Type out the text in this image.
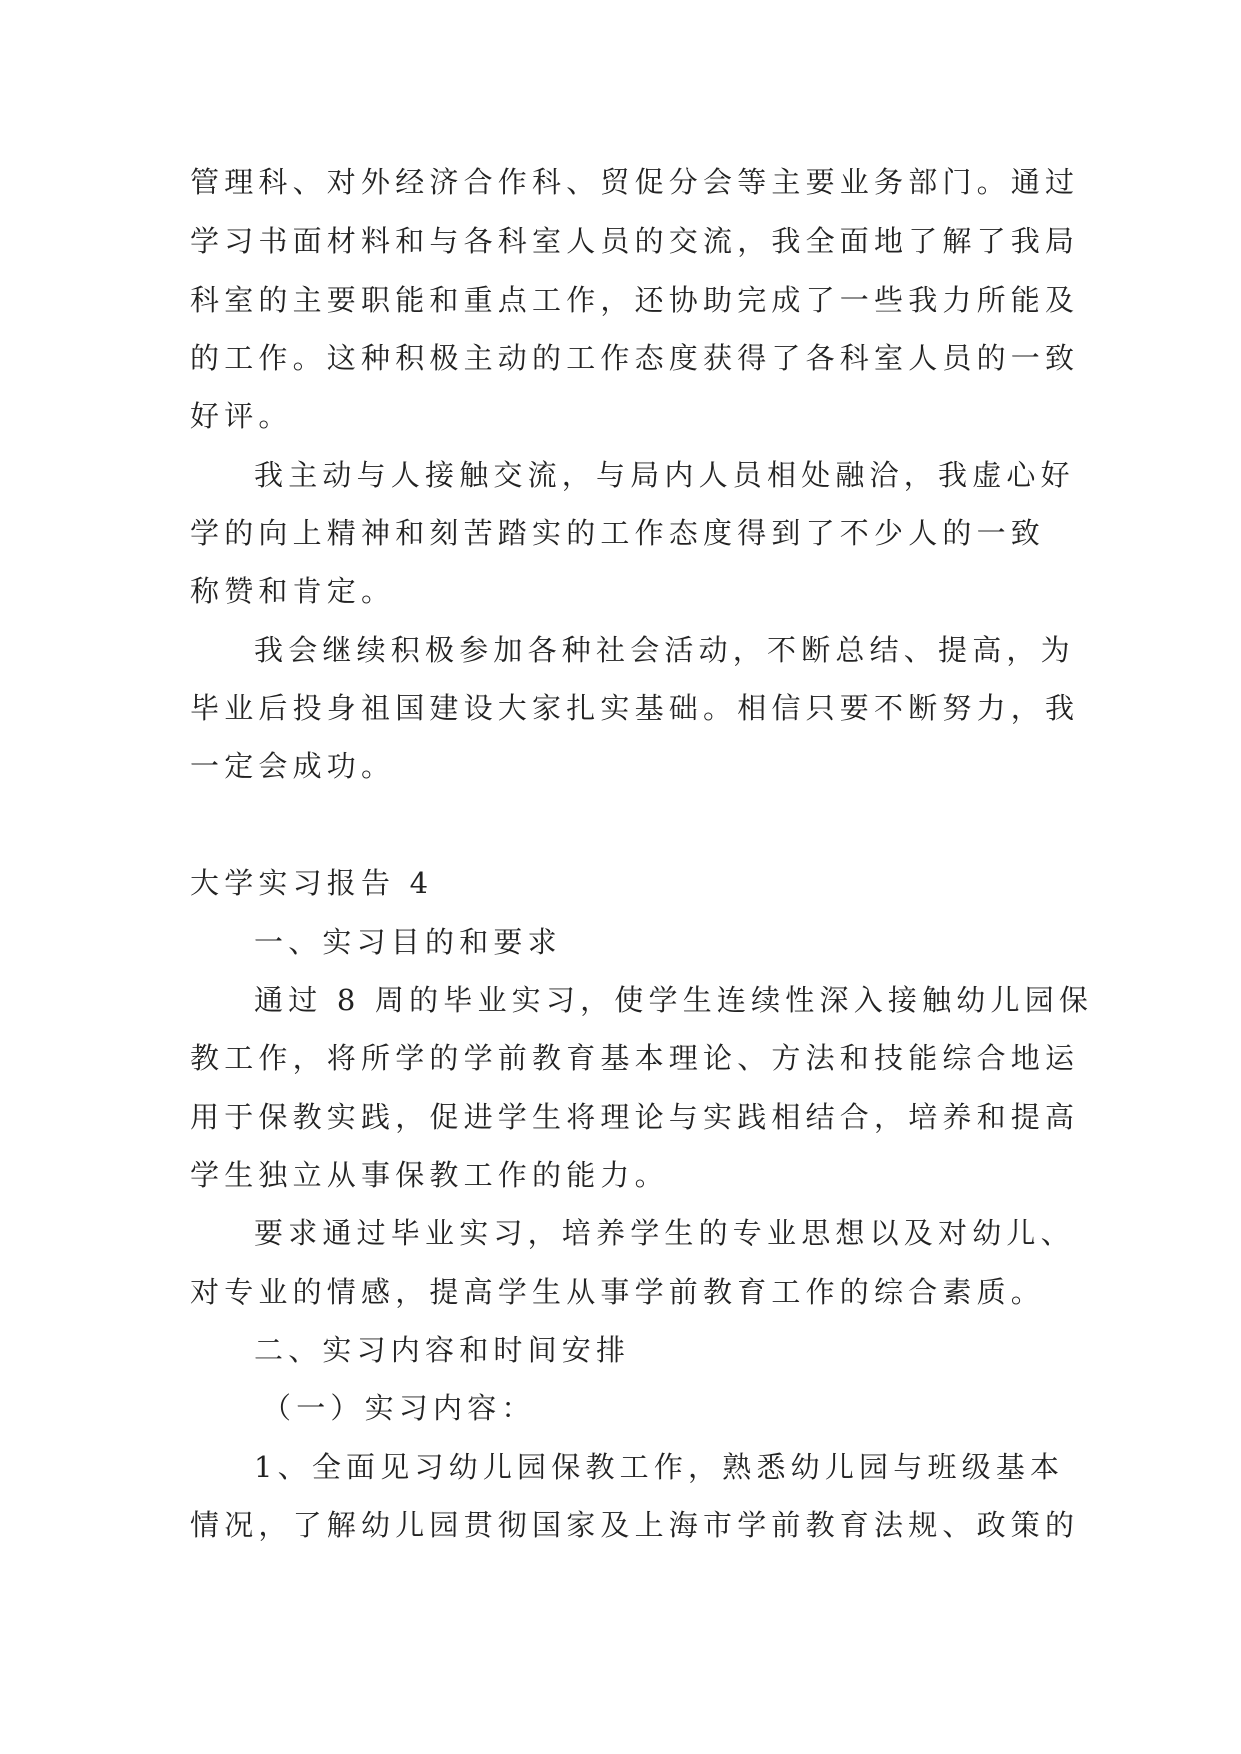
管理科、对外经济合作科、贸促分会等主要业务部门。通过

学习书面材料和与各科室人员的交流，我全面地了解了我局

科室的主要职能和重点工作，还协助完成了一些我力所能及

的工作。这种积极主动的工作态度获得了各科室人员的一致

好评。

我主动与人接触交流，与局内人员相处融洽，我虚心好

学的向上精神和刻苦踏实的工作态度得到了不少人的一致

称赞和肯定。

我会继续积极参加各种社会活动，不断总结、提高，为

毕业后投身祖国建设大家扎实基础。相信只要不断努力，我

一定会成功。

大学实习报告 4

一、实习目的和要求

通过 8 周的毕业实习，使学生连续性深入接触幼儿园保

教工作，将所学的学前教育基本理论、方法和技能综合地运

用于保教实践，促进学生将理论与实践相结合，培养和提高

学生独立从事保教工作的能力。

要求通过毕业实习，培养学生的专业思想以及对幼儿、

对专业的情感，提高学生从事学前教育工作的综合素质。

二、实习内容和时间安排

（一）实习内容：

1、全面见习幼儿园保教工作，熟悉幼儿园与班级基本

情况，了解幼儿园贯彻国家及上海市学前教育法规、政策的
